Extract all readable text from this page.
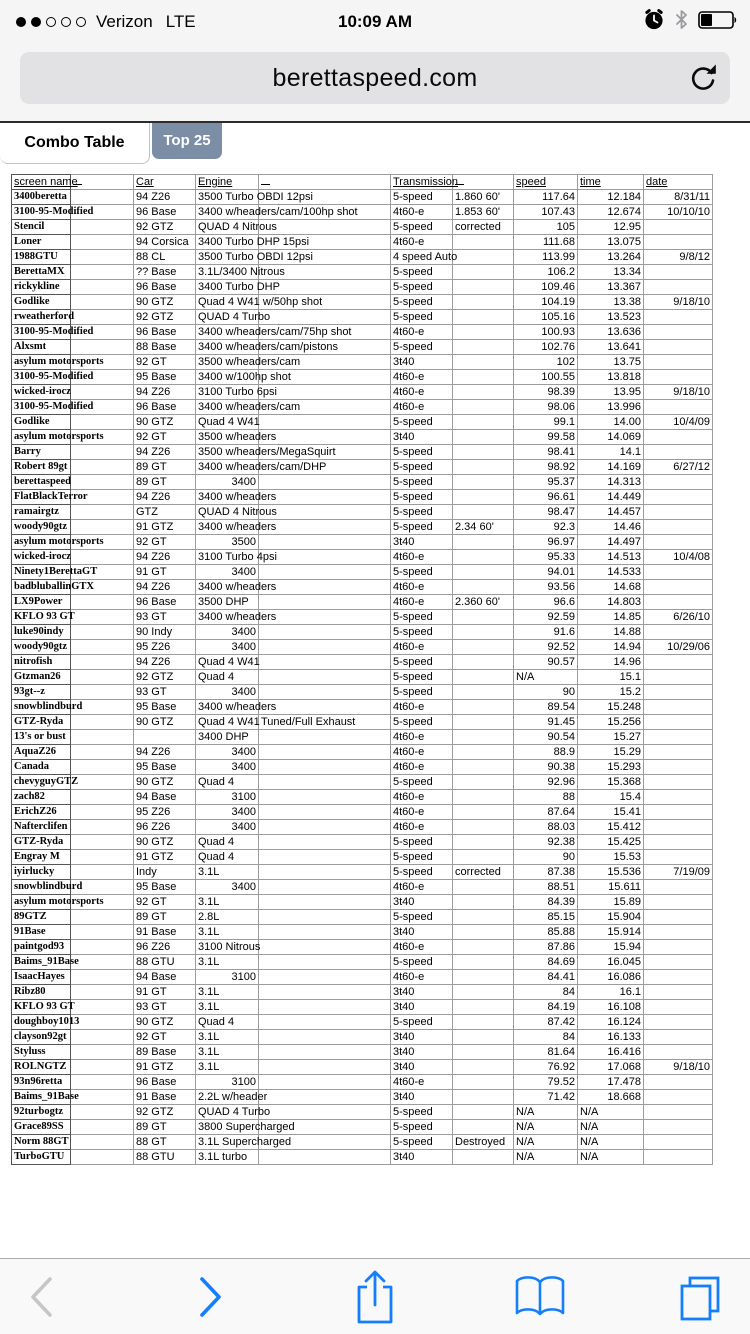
Verizon LTE	10:09 AM
berettaspeed.com
Combo Table	Top 25
screen name		Car	Engine		Transmission		speed	time	date
3400beretta		94 Z26	3500 Turbo OBDI 12psi		5-speed	1.860 60'	117.64	12.184	8/31/11
3100-95-Modified		96 Base	3400 w/headers/cam/100hp shot		4t60-e	1.853 60'	107.43	12.674	10/10/10
Stencil		92 GTZ	QUAD 4 Nitrous		5-speed	corrected	105	12.95	
Loner		94 Corsica	3400 Turbo DHP 15psi		4t60-e		111.68	13.075	
1988GTU		88 CL	3500 Turbo OBDI 12psi		4 speed Auto		113.99	13.264	9/8/12
BerettaMX		?? Base	3.1L/3400 Nitrous		5-speed		106.2	13.34	
rickykline		96 Base	3400 Turbo DHP		5-speed		109.46	13.367	
Godlike		90 GTZ	Quad 4 W41 w/50hp shot		5-speed		104.19	13.38	9/18/10
rweatherford		92 GTZ	QUAD 4 Turbo		5-speed		105.16	13.523	
3100-95-Modified		96 Base	3400 w/headers/cam/75hp shot		4t60-e		100.93	13.636	
Alxsmt		88 Base	3400 w/headers/cam/pistons		5-speed		102.76	13.641	
asylum motorsports		92 GT	3500 w/headers/cam		3t40		102	13.75	
3100-95-Modified		95 Base	3400 w/100hp shot		4t60-e		100.55	13.818	
wicked-irocz		94 Z26	3100 Turbo 6psi		4t60-e		98.39	13.95	9/18/10
3100-95-Modified		96 Base	3400 w/headers/cam		4t60-e		98.06	13.996	
Godlike		90 GTZ	Quad 4 W41		5-speed		99.1	14.00	10/4/09
asylum motorsports		92 GT	3500 w/headers		3t40		99.58	14.069	
Barry		94 Z26	3500 w/headers/MegaSquirt		5-speed		98.41	14.1	
Robert 89gt		89 GT	3400 w/headers/cam/DHP		5-speed		98.92	14.169	6/27/12
berettaspeed		89 GT	3400		5-speed		95.37	14.313	
FlatBlackTerror		94 Z26	3400 w/headers		5-speed		96.61	14.449	
ramairgtz		GTZ	QUAD 4 Nitrous		5-speed		98.47	14.457	
woody90gtz		91 GTZ	3400 w/headers		5-speed	2.34 60'	92.3	14.46	
asylum motorsports		92 GT	3500		3t40		96.97	14.497	
wicked-irocz		94 Z26	3100 Turbo 4psi		4t60-e		95.33	14.513	10/4/08
Ninety1BerettaGT		91 GT	3400		5-speed		94.01	14.533	
badbluballinGTX		94 Z26	3400 w/headers		4t60-e		93.56	14.68	
LX9Power		96 Base	3500 DHP		4t60-e	2.360 60'	96.6	14.803	
KFLO 93 GT		93 GT	3400 w/headers		5-speed		92.59	14.85	6/26/10
luke90indy		90 Indy	3400		5-speed		91.6	14.88	
woody90gtz		95 Z26	3400		4t60-e		92.52	14.94	10/29/06
nitrofish		94 Z26	Quad 4 W41		5-speed		90.57	14.96	
Gtzman26		92 GTZ	Quad 4		5-speed		N/A	15.1	
93gt--z		93 GT	3400		5-speed		90	15.2	
snowblindburd		95 Base	3400 w/headers		4t60-e		89.54	15.248	
GTZ-Ryda		90 GTZ	Quad 4 W41	Tuned/Full Exhaust	5-speed		91.45	15.256	
13's or bust			3400 DHP		4t60-e		90.54	15.27	
AquaZ26		94 Z26	3400		4t60-e		88.9	15.29	
Canada		95 Base	3400		4t60-e		90.38	15.293	
chevyguyGTZ		90 GTZ	Quad 4		5-speed		92.96	15.368	
zach82		94 Base	3100		4t60-e		88	15.4	
ErichZ26		95 Z26	3400		4t60-e		87.64	15.41	
Nafterclifen		96 Z26	3400		4t60-e		88.03	15.412	
GTZ-Ryda		90 GTZ	Quad 4		5-speed		92.38	15.425	
Engray M		91 GTZ	Quad 4		5-speed		90	15.53	
iyirlucky		Indy	3.1L		5-speed	corrected	87.38	15.536	7/19/09
snowblindburd		95 Base	3400		4t60-e		88.51	15.611	
asylum motorsports		92 GT	3.1L		3t40		84.39	15.89	
89GTZ		89 GT	2.8L		5-speed		85.15	15.904	
91Base		91 Base	3.1L		3t40		85.88	15.914	
paintgod93		96 Z26	3100 Nitrous		4t60-e		87.86	15.94	
Baims_91Base		88 GTU	3.1L		5-speed		84.69	16.045	
IsaacHayes		94 Base	3100		4t60-e		84.41	16.086	
Ribz80		91 GT	3.1L		3t40		84	16.1	
KFLO 93 GT		93 GT	3.1L		3t40		84.19	16.108	
doughboy1013		90 GTZ	Quad 4		5-speed		87.42	16.124	
clayson92gt		92 GT	3.1L		3t40		84	16.133	
Styluss		89 Base	3.1L		3t40		81.64	16.416	
ROLNGTZ		91 GTZ	3.1L		3t40		76.92	17.068	9/18/10
93n96retta		96 Base	3100		4t60-e		79.52	17.478	
Baims_91Base		91 Base	2.2L w/header		3t40		71.42	18.668	
92turbogtz		92 GTZ	QUAD 4 Turbo		5-speed		N/A	N/A	
Grace89SS		89 GT	3800 Supercharged		5-speed		N/A	N/A	
Norm 88GT		88 GT	3.1L Supercharged		5-speed	Destroyed	N/A	N/A	
TurboGTU		88 GTU	3.1L turbo		3t40		N/A	N/A	
